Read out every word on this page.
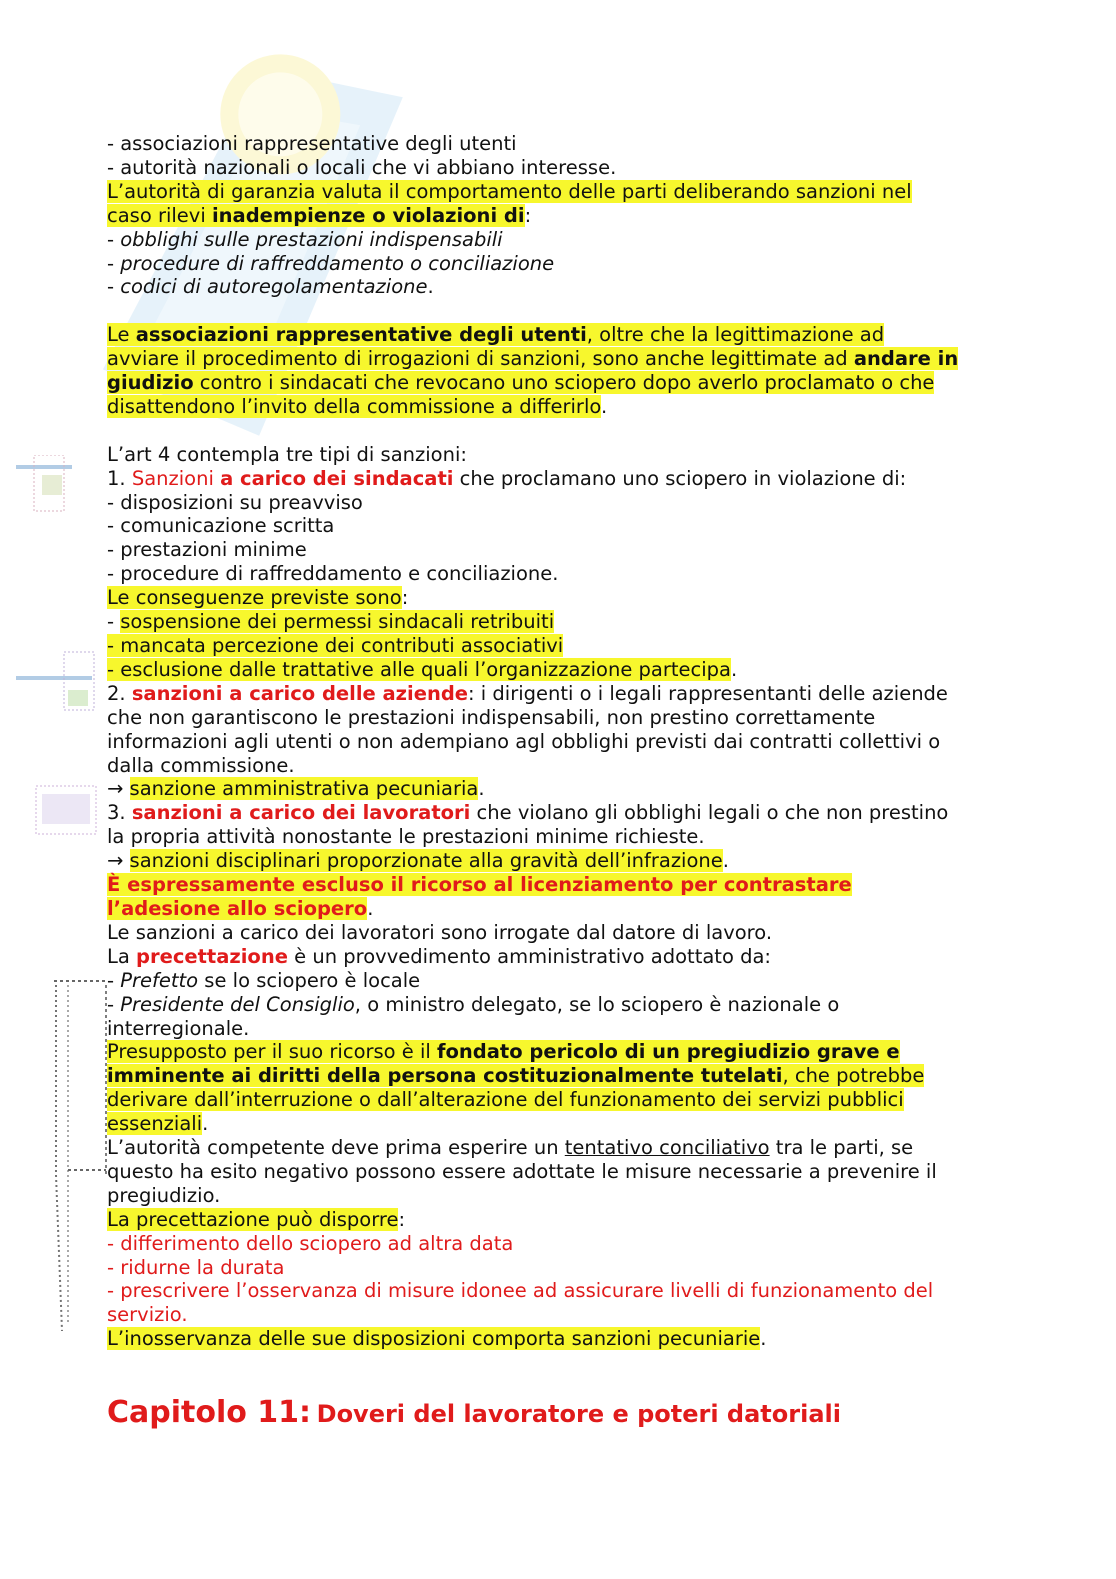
- associazioni rappresentative degli utenti
- autorità nazionali o locali che vi abbiano interesse.
L’autorità di garanzia valuta il comportamento delle parti deliberando sanzioni nel
caso rilevi inadempienze o violazioni di:
- obblighi sulle prestazioni indispensabili
- procedure di raffreddamento o conciliazione
- codici di autoregolamentazione.
Le associazioni rappresentative degli utenti, oltre che la legittimazione ad
avviare il procedimento di irrogazioni di sanzioni, sono anche legittimate ad andare in
giudizio contro i sindacati che revocano uno sciopero dopo averlo proclamato o che
disattendono l’invito della commissione a differirlo.
L’art 4 contempla tre tipi di sanzioni:
1. Sanzioni a carico dei sindacati che proclamano uno sciopero in violazione di:
- disposizioni su preavviso
- comunicazione scritta
- prestazioni minime
- procedure di raffreddamento e conciliazione.
Le conseguenze previste sono:
- sospensione dei permessi sindacali retribuiti
- mancata percezione dei contributi associativi
- esclusione dalle trattative alle quali l’organizzazione partecipa.
2. sanzioni a carico delle aziende: i dirigenti o i legali rappresentanti delle aziende
che non garantiscono le prestazioni indispensabili, non prestino correttamente
informazioni agli utenti o non adempiano agl obblighi previsti dai contratti collettivi o
dalla commissione.
→ sanzione amministrativa pecuniaria.
3. sanzioni a carico dei lavoratori che violano gli obblighi legali o che non prestino
la propria attività nonostante le prestazioni minime richieste.
→ sanzioni disciplinari proporzionate alla gravità dell’infrazione.
È espressamente escluso il ricorso al licenziamento per contrastare
l’adesione allo sciopero.
Le sanzioni a carico dei lavoratori sono irrogate dal datore di lavoro.
La precettazione è un provvedimento amministrativo adottato da:
- Prefetto se lo sciopero è locale
- Presidente del Consiglio, o ministro delegato, se lo sciopero è nazionale o
interregionale.
Presupposto per il suo ricorso è il fondato pericolo di un pregiudizio grave e
imminente ai diritti della persona costituzionalmente tutelati, che potrebbe
derivare dall’interruzione o dall’alterazione del funzionamento dei servizi pubblici
essenziali.
L’autorità competente deve prima esperire un tentativo conciliativo tra le parti, se
questo ha esito negativo possono essere adottate le misure necessarie a prevenire il
pregiudizio.
La precettazione può disporre:
- differimento dello sciopero ad altra data
- ridurne la durata
- prescrivere l’osservanza di misure idonee ad assicurare livelli di funzionamento del
servizio.
L’inosservanza delle sue disposizioni comporta sanzioni pecuniarie.
Capitolo 11: Doveri del lavoratore e poteri datoriali
